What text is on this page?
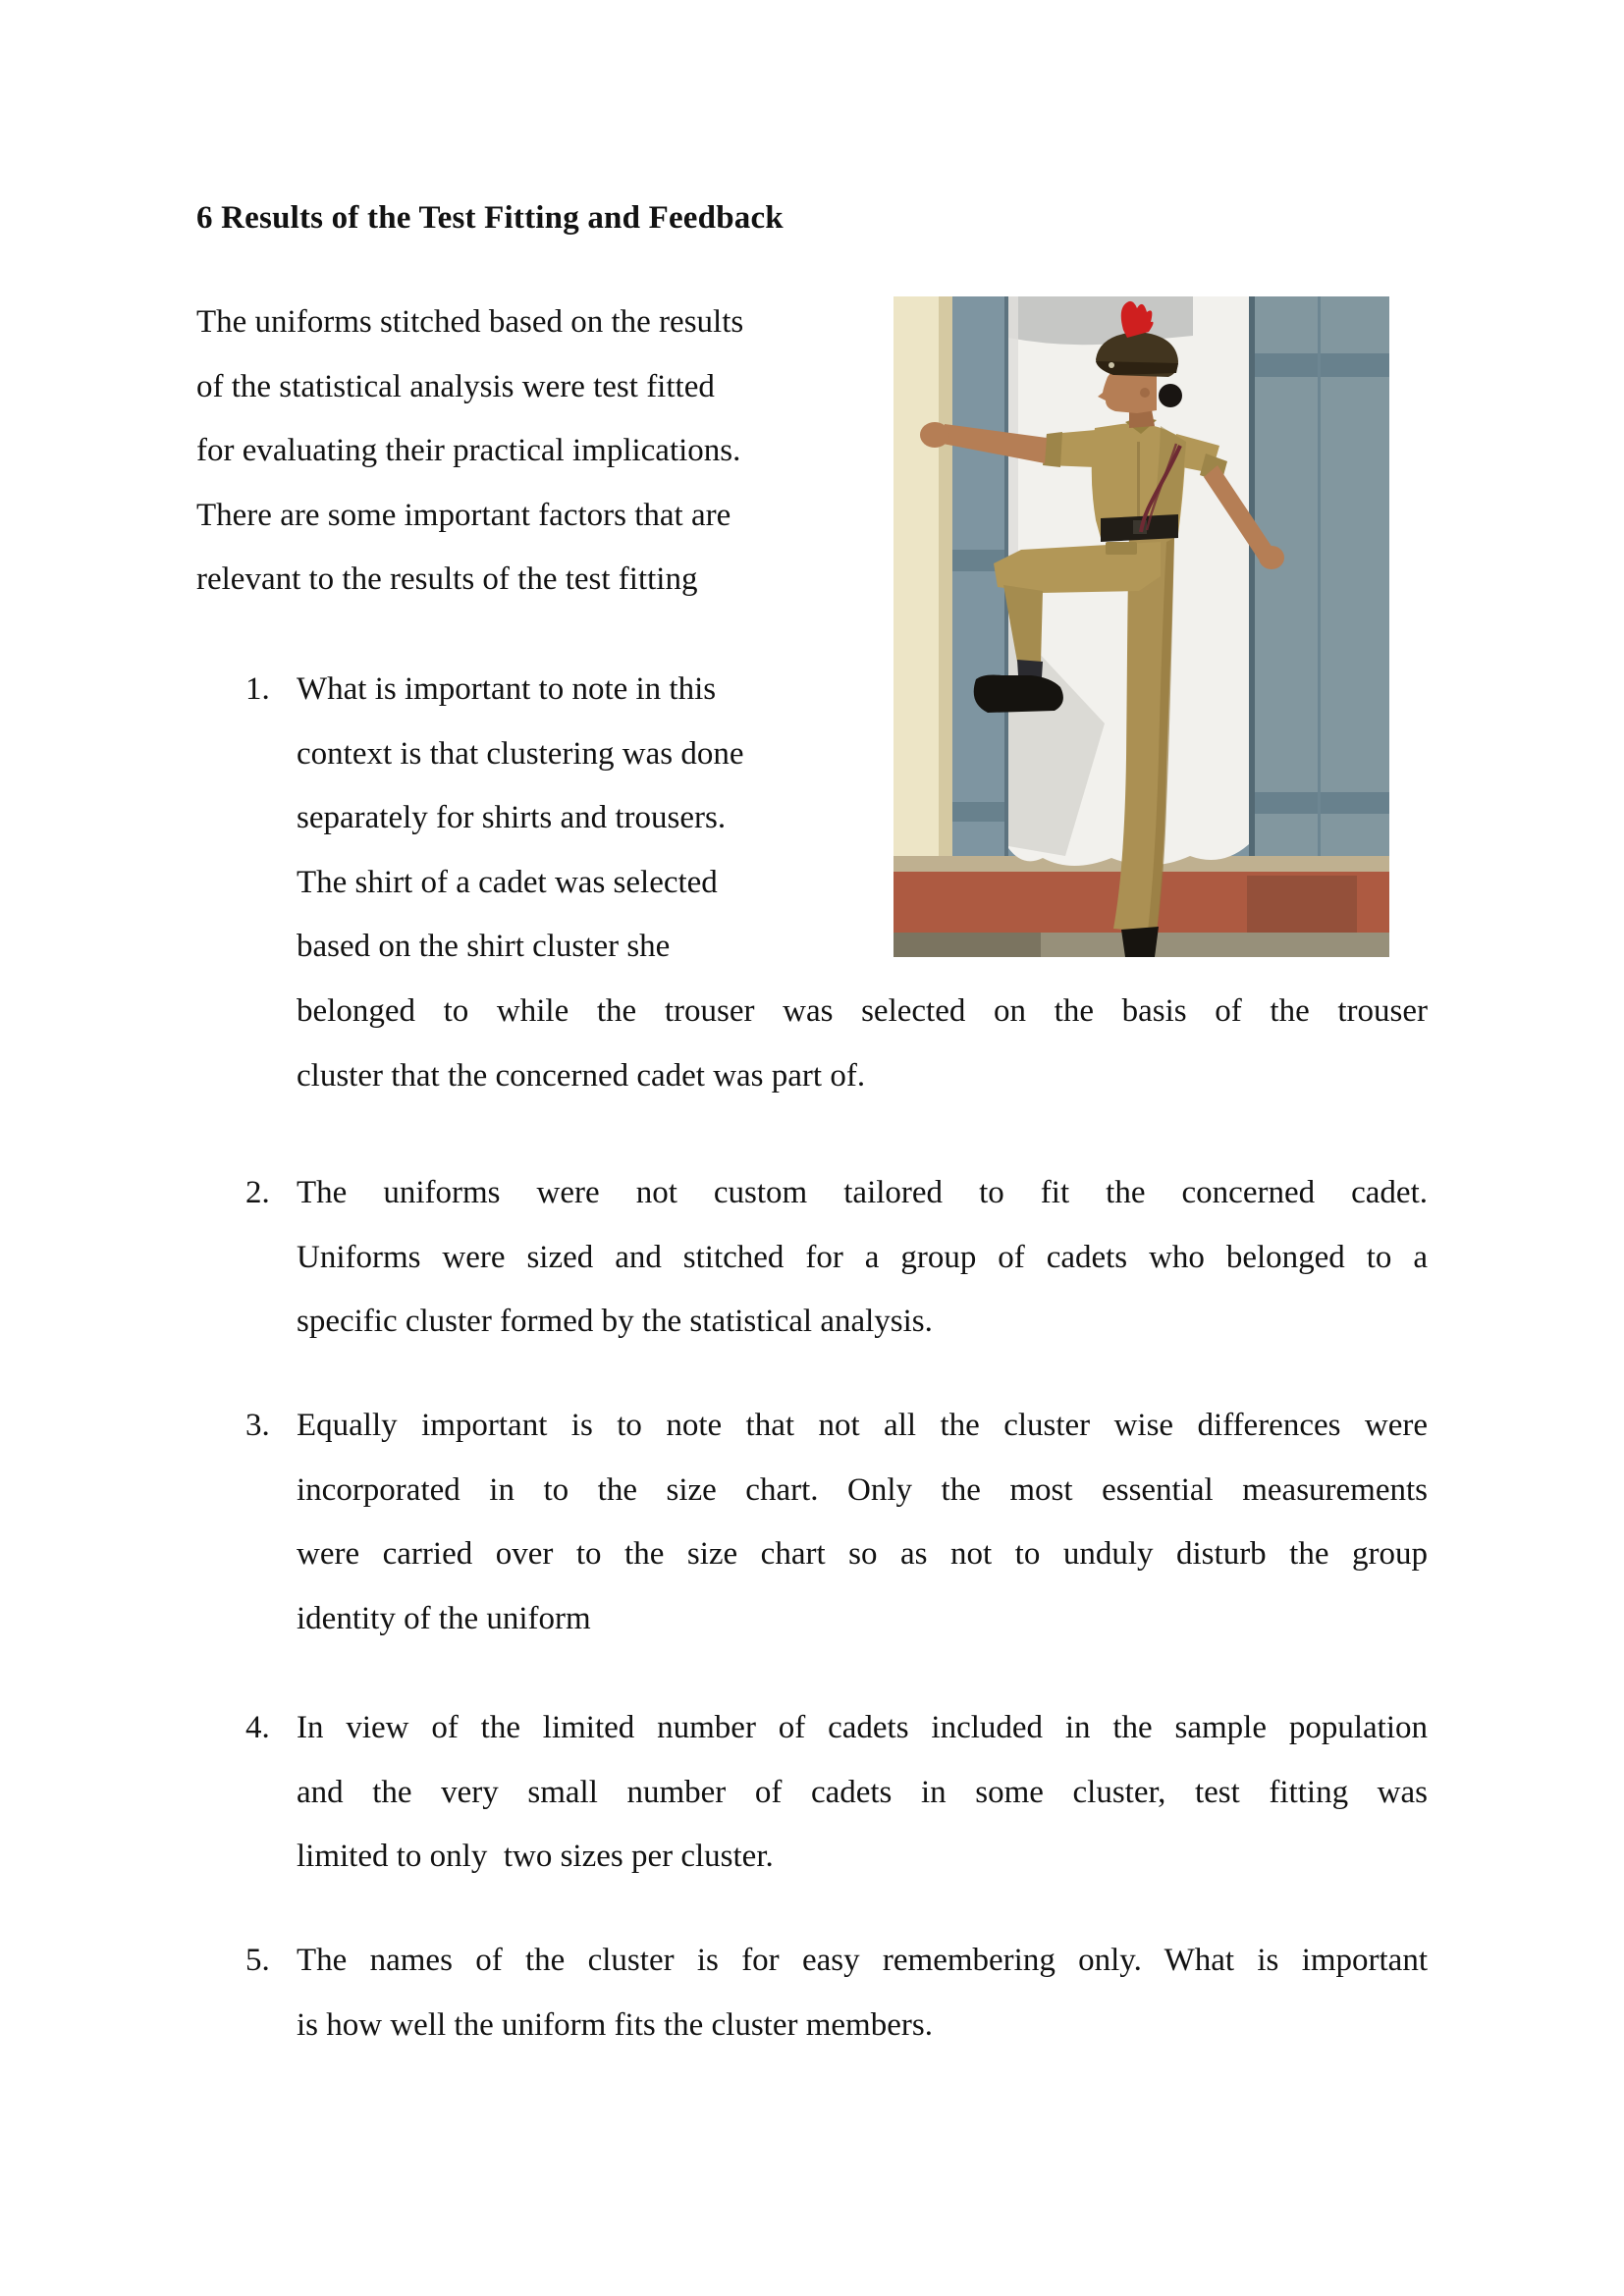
6 Results of the Test Fitting and Feedback
The uniforms stitched based on the results
of the statistical analysis were test fitted
for evaluating their practical implications.
There are some important factors that are
relevant to the results of the test fitting
1. What is important to note in this
context is that clustering was done
separately for shirts and trousers.
The shirt of a cadet was selected
based on the shirt cluster she
belonged to while the trouser was selected on the basis of the trouser
cluster that the concerned cadet was part of.
2. The uniforms were not custom tailored to fit the concerned cadet.
Uniforms were sized and stitched for a group of cadets who belonged to a
specific cluster formed by the statistical analysis.
3. Equally important is to note that not all the cluster wise differences were
incorporated in to the size chart. Only the most essential measurements
were carried over to the size chart so as not to unduly disturb the group
identity of the uniform
4. In view of the limited number of cadets included in the sample population
and the very small number of cadets in some cluster, test fitting was
limited to only  two sizes per cluster.
5. The names of the cluster is for easy remembering only. What is important
is how well the uniform fits the cluster members.
